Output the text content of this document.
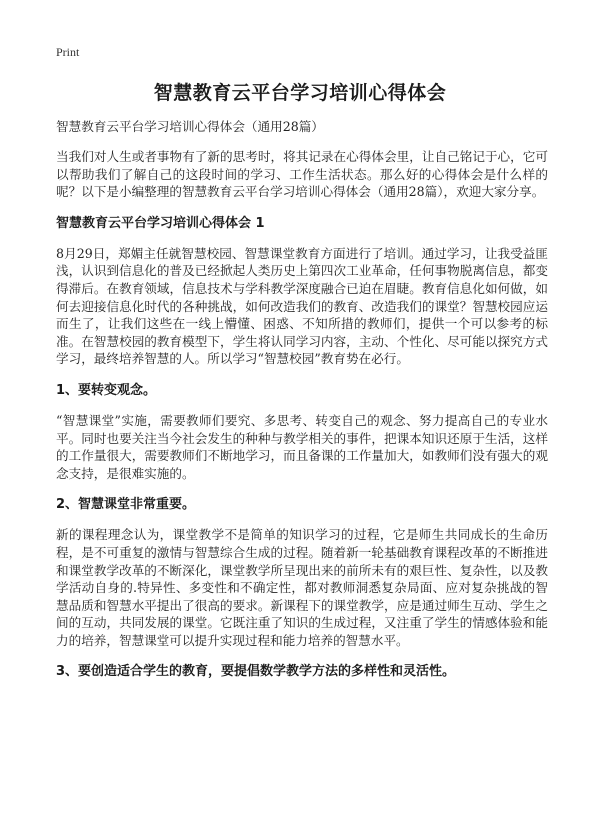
Print
智慧教育云平台学习培训心得体会
智慧教育云平台学习培训心得体会（通用28篇）

当我们对人生或者事物有了新的思考时，将其记录在心得体会里，让自己铭记于心，它可以帮助我们了解自己的这段时间的学习、工作生活状态。那么好的心得体会是什么样的呢？以下是小编整理的智慧教育云平台学习培训心得体会（通用28篇），欢迎大家分享。

智慧教育云平台学习培训心得体会 1

8月29日，郑媚主任就智慧校园、智慧课堂教育方面进行了培训。通过学习，让我受益匪浅，认识到信息化的普及已经掀起人类历史上第四次工业革命，任何事物脱离信息，都变得滞后。在教育领域，信息技术与学科教学深度融合已迫在眉睫。教育信息化如何做，如何去迎接信息化时代的各种挑战，如何改造我们的教育、改造我们的课堂？智慧校园应运而生了，让我们这些在一线上懵懂、困惑、不知所措的教师们，提供一个可以参考的标准。在智慧校园的教育模型下，学生将认同学习内容，主动、个性化、尽可能以探究方式学习，最终培养智慧的人。所以学习“智慧校园”教育势在必行。

1、要转变观念。

“智慧课堂”实施，需要教师们要究、多思考、转变自己的观念、努力提高自己的专业水平。同时也要关注当今社会发生的种种与教学相关的事件，把课本知识还原于生活，这样的工作量很大，需要教师们不断地学习，而且备课的工作量加大，如教师们没有强大的观念支持，是很难实施的。

2、智慧课堂非常重要。

新的课程理念认为，课堂教学不是简单的知识学习的过程，它是师生共同成长的生命历程，是不可重复的激情与智慧综合生成的过程。随着新一轮基础教育课程改革的不断推进和课堂教学改革的不断深化，课堂教学所呈现出来的前所未有的艰巨性、复杂性，以及教学活动自身的.特异性、多变性和不确定性，都对教师洞悉复杂局面、应对复杂挑战的智慧品质和智慧水平提出了很高的要求。新课程下的课堂教学，应是通过师生互动、学生之间的互动，共同发展的课堂。它既注重了知识的生成过程，又注重了学生的情感体验和能力的培养，智慧课堂可以提升实现过程和能力培养的智慧水平。

3、要创造适合学生的教育，要提倡数学教学方法的多样性和灵活性。
